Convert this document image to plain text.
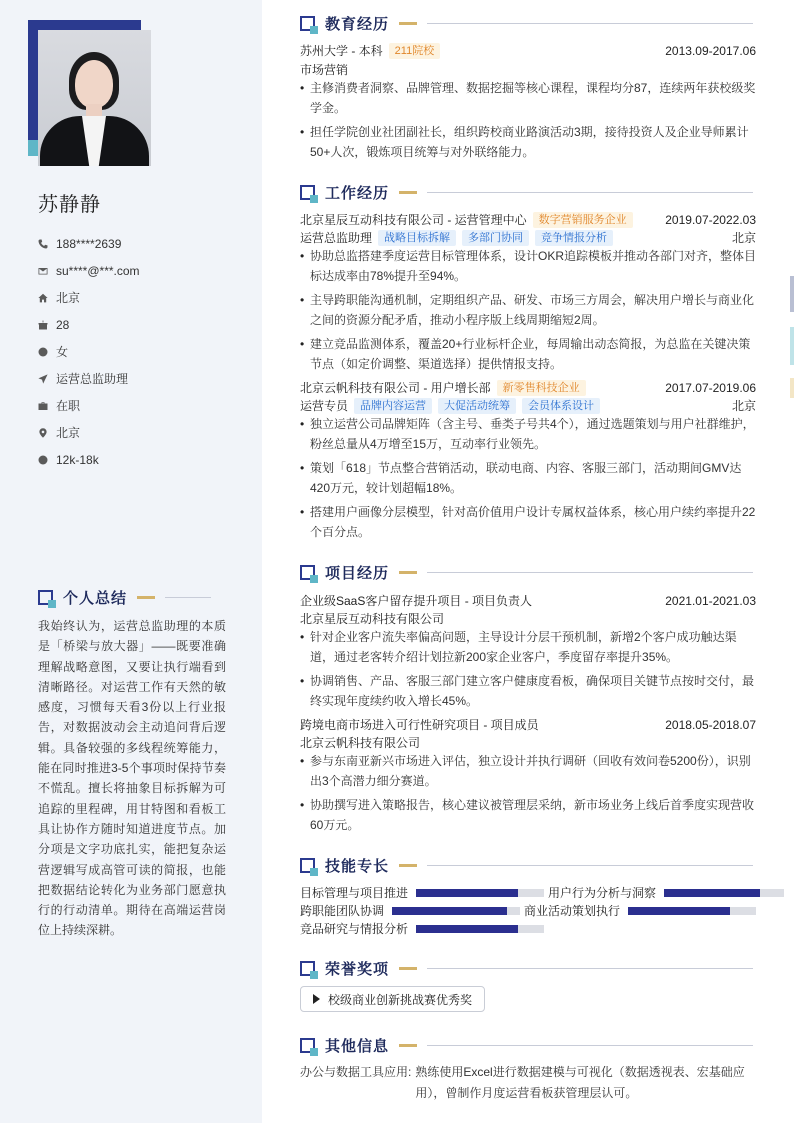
苏静静
188****2639
su****@***.com
北京
28
女
运营总监助理
在职
北京
12k-18k
个人总结
我始终认为，运营总监助理的本质是「桥梁与放大器」——既要准确理解战略意图，又要让执行端看到清晰路径。对运营工作有天然的敏感度，习惯每天看3份以上行业报告，对数据波动会主动追问背后逻辑。具备较强的多线程统筹能力，能在同时推进3-5个事项时保持节奏不慌乱。擅长将抽象目标拆解为可追踪的里程碑，用甘特图和看板工具让协作方随时知道进度节点。加分项是文字功底扎实，能把复杂运营逻辑写成高管可读的简报，也能把数据结论转化为业务部门愿意执行的行动清单。期待在高端运营岗位上持续深耕。
教育经历
苏州大学 - 本科	211院校	2013.09-2017.06
市场营销
• 主修消费者洞察、品牌管理、数据挖掘等核心课程，课程均分87，连续两年获校级奖学金。
• 担任学院创业社团副社长，组织跨校商业路演活动3期，接待投资人及企业导师累计50+人次，锻炼项目统筹与对外联络能力。
工作经历
北京星辰互动科技有限公司 - 运营管理中心	数字营销服务企业	2019.07-2022.03
运营总监助理	战略目标拆解	多部门协同	竞争情报分析	北京
• 协助总监搭建季度运营目标管理体系，设计OKR追踪模板并推动各部门对齐，整体目标达成率由78%提升至94%。
• 主导跨职能沟通机制，定期组织产品、研发、市场三方周会，解决用户增长与商业化之间的资源分配矛盾，推动小程序版上线周期缩短2周。
• 建立竞品监测体系，覆盖20+行业标杆企业，每周输出动态简报，为总监在关键决策节点（如定价调整、渠道选择）提供情报支持。
北京云帆科技有限公司 - 用户增长部	新零售科技企业	2017.07-2019.06
运营专员	品牌内容运营	大促活动统筹	会员体系设计	北京
• 独立运营公司品牌矩阵（含主号、垂类子号共4个），通过选题策划与用户社群维护，粉丝总量从4万增至15万，互动率行业领先。
• 策划「618」节点整合营销活动，联动电商、内容、客服三部门，活动期间GMV达420万元，较计划超幅18%。
• 搭建用户画像分层模型，针对高价值用户设计专属权益体系，核心用户续约率提升22个百分点。
项目经历
企业级SaaS客户留存提升项目 - 项目负责人	2021.01-2021.03
北京星辰互动科技有限公司
• 针对企业客户流失率偏高问题，主导设计分层干预机制，新增2个客户成功触达渠道，通过老客转介绍计划拉新200家企业客户，季度留存率提升35%。
• 协调销售、产品、客服三部门建立客户健康度看板，确保项目关键节点按时交付，最终实现年度续约收入增长45%。
跨境电商市场进入可行性研究项目 - 项目成员	2018.05-2018.07
北京云帆科技有限公司
• 参与东南亚新兴市场进入评估，独立设计并执行调研（回收有效问卷5200份），识别出3个高潜力细分赛道。
• 协助撰写进入策略报告，核心建议被管理层采纳，新市场业务上线后首季度实现营收60万元。
技能专长
目标管理与项目推进	用户行为分析与洞察
跨职能团队协调	商业活动策划执行
竞品研究与情报分析
荣誉奖项
校级商业创新挑战赛优秀奖
其他信息
办公与数据工具应用: 熟练使用Excel进行数据建模与可视化（数据透视表、宏基础应用），曾制作月度运营看板获管理层认可。
